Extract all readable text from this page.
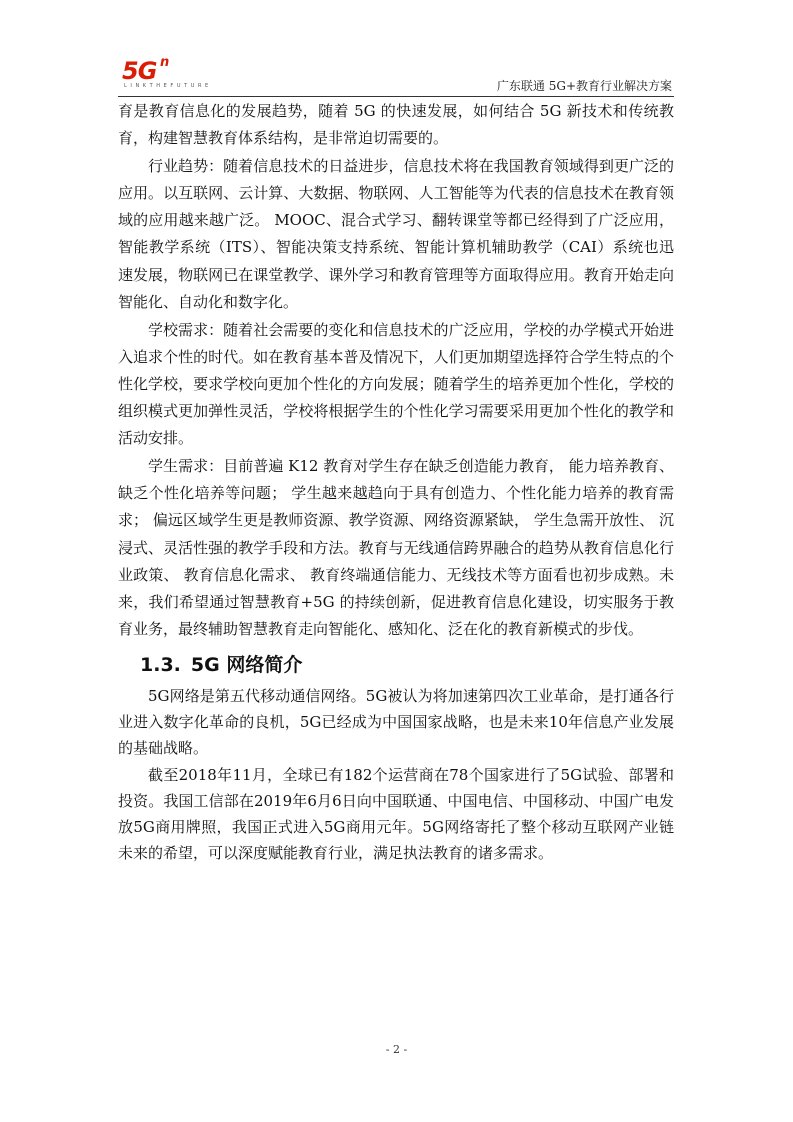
5G n
L I N K T H E F U T U R E	广东联通 5G+教育行业解决方案

育是教育信息化的发展趋势，随着 5G 的快速发展，如何结合 5G 新技术和传统教育，构建智慧教育体系结构，是非常迫切需要的。

行业趋势：随着信息技术的日益进步，信息技术将在我国教育领域得到更广泛的应用。以互联网、云计算、大数据、物联网、人工智能等为代表的信息技术在教育领域的应用越来越广泛。 MOOC、混合式学习、翻转课堂等都已经得到了广泛应用，智能教学系统（ITS）、智能决策支持系统、智能计算机辅助教学（CAI）系统也迅速发展，物联网已在课堂教学、课外学习和教育管理等方面取得应用。教育开始走向智能化、自动化和数字化。

学校需求：随着社会需要的变化和信息技术的广泛应用，学校的办学模式开始进入追求个性的时代。如在教育基本普及情况下，人们更加期望选择符合学生特点的个性化学校，要求学校向更加个性化的方向发展；随着学生的培养更加个性化，学校的组织模式更加弹性灵活，学校将根据学生的个性化学习需要采用更加个性化的教学和活动安排。

学生需求：目前普遍 K12 教育对学生存在缺乏创造能力教育， 能力培养教育、 缺乏个性化培养等问题； 学生越来越趋向于具有创造力、个性化能力培养的教育需求； 偏远区域学生更是教师资源、教学资源、网络资源紧缺， 学生急需开放性、 沉浸式、灵活性强的教学手段和方法。教育与无线通信跨界融合的趋势从教育信息化行业政策、 教育信息化需求、 教育终端通信能力、无线技术等方面看也初步成熟。未来，我们希望通过智慧教育+5G 的持续创新，促进教育信息化建设，切实服务于教育业务，最终辅助智慧教育走向智能化、感知化、泛在化的教育新模式的步伐。

1.3. 5G 网络简介

5G网络是第五代移动通信网络。5G被认为将加速第四次工业革命，是打通各行业进入数字化革命的良机，5G已经成为中国国家战略，也是未来10年信息产业发展的基础战略。

截至2018年11月，全球已有182个运营商在78个国家进行了5G试验、部署和投资。我国工信部在2019年6月6日向中国联通、中国电信、中国移动、中国广电发放5G商用牌照，我国正式进入5G商用元年。5G网络寄托了整个移动互联网产业链未来的希望，可以深度赋能教育行业，满足执法教育的诸多需求。

- 2 -
